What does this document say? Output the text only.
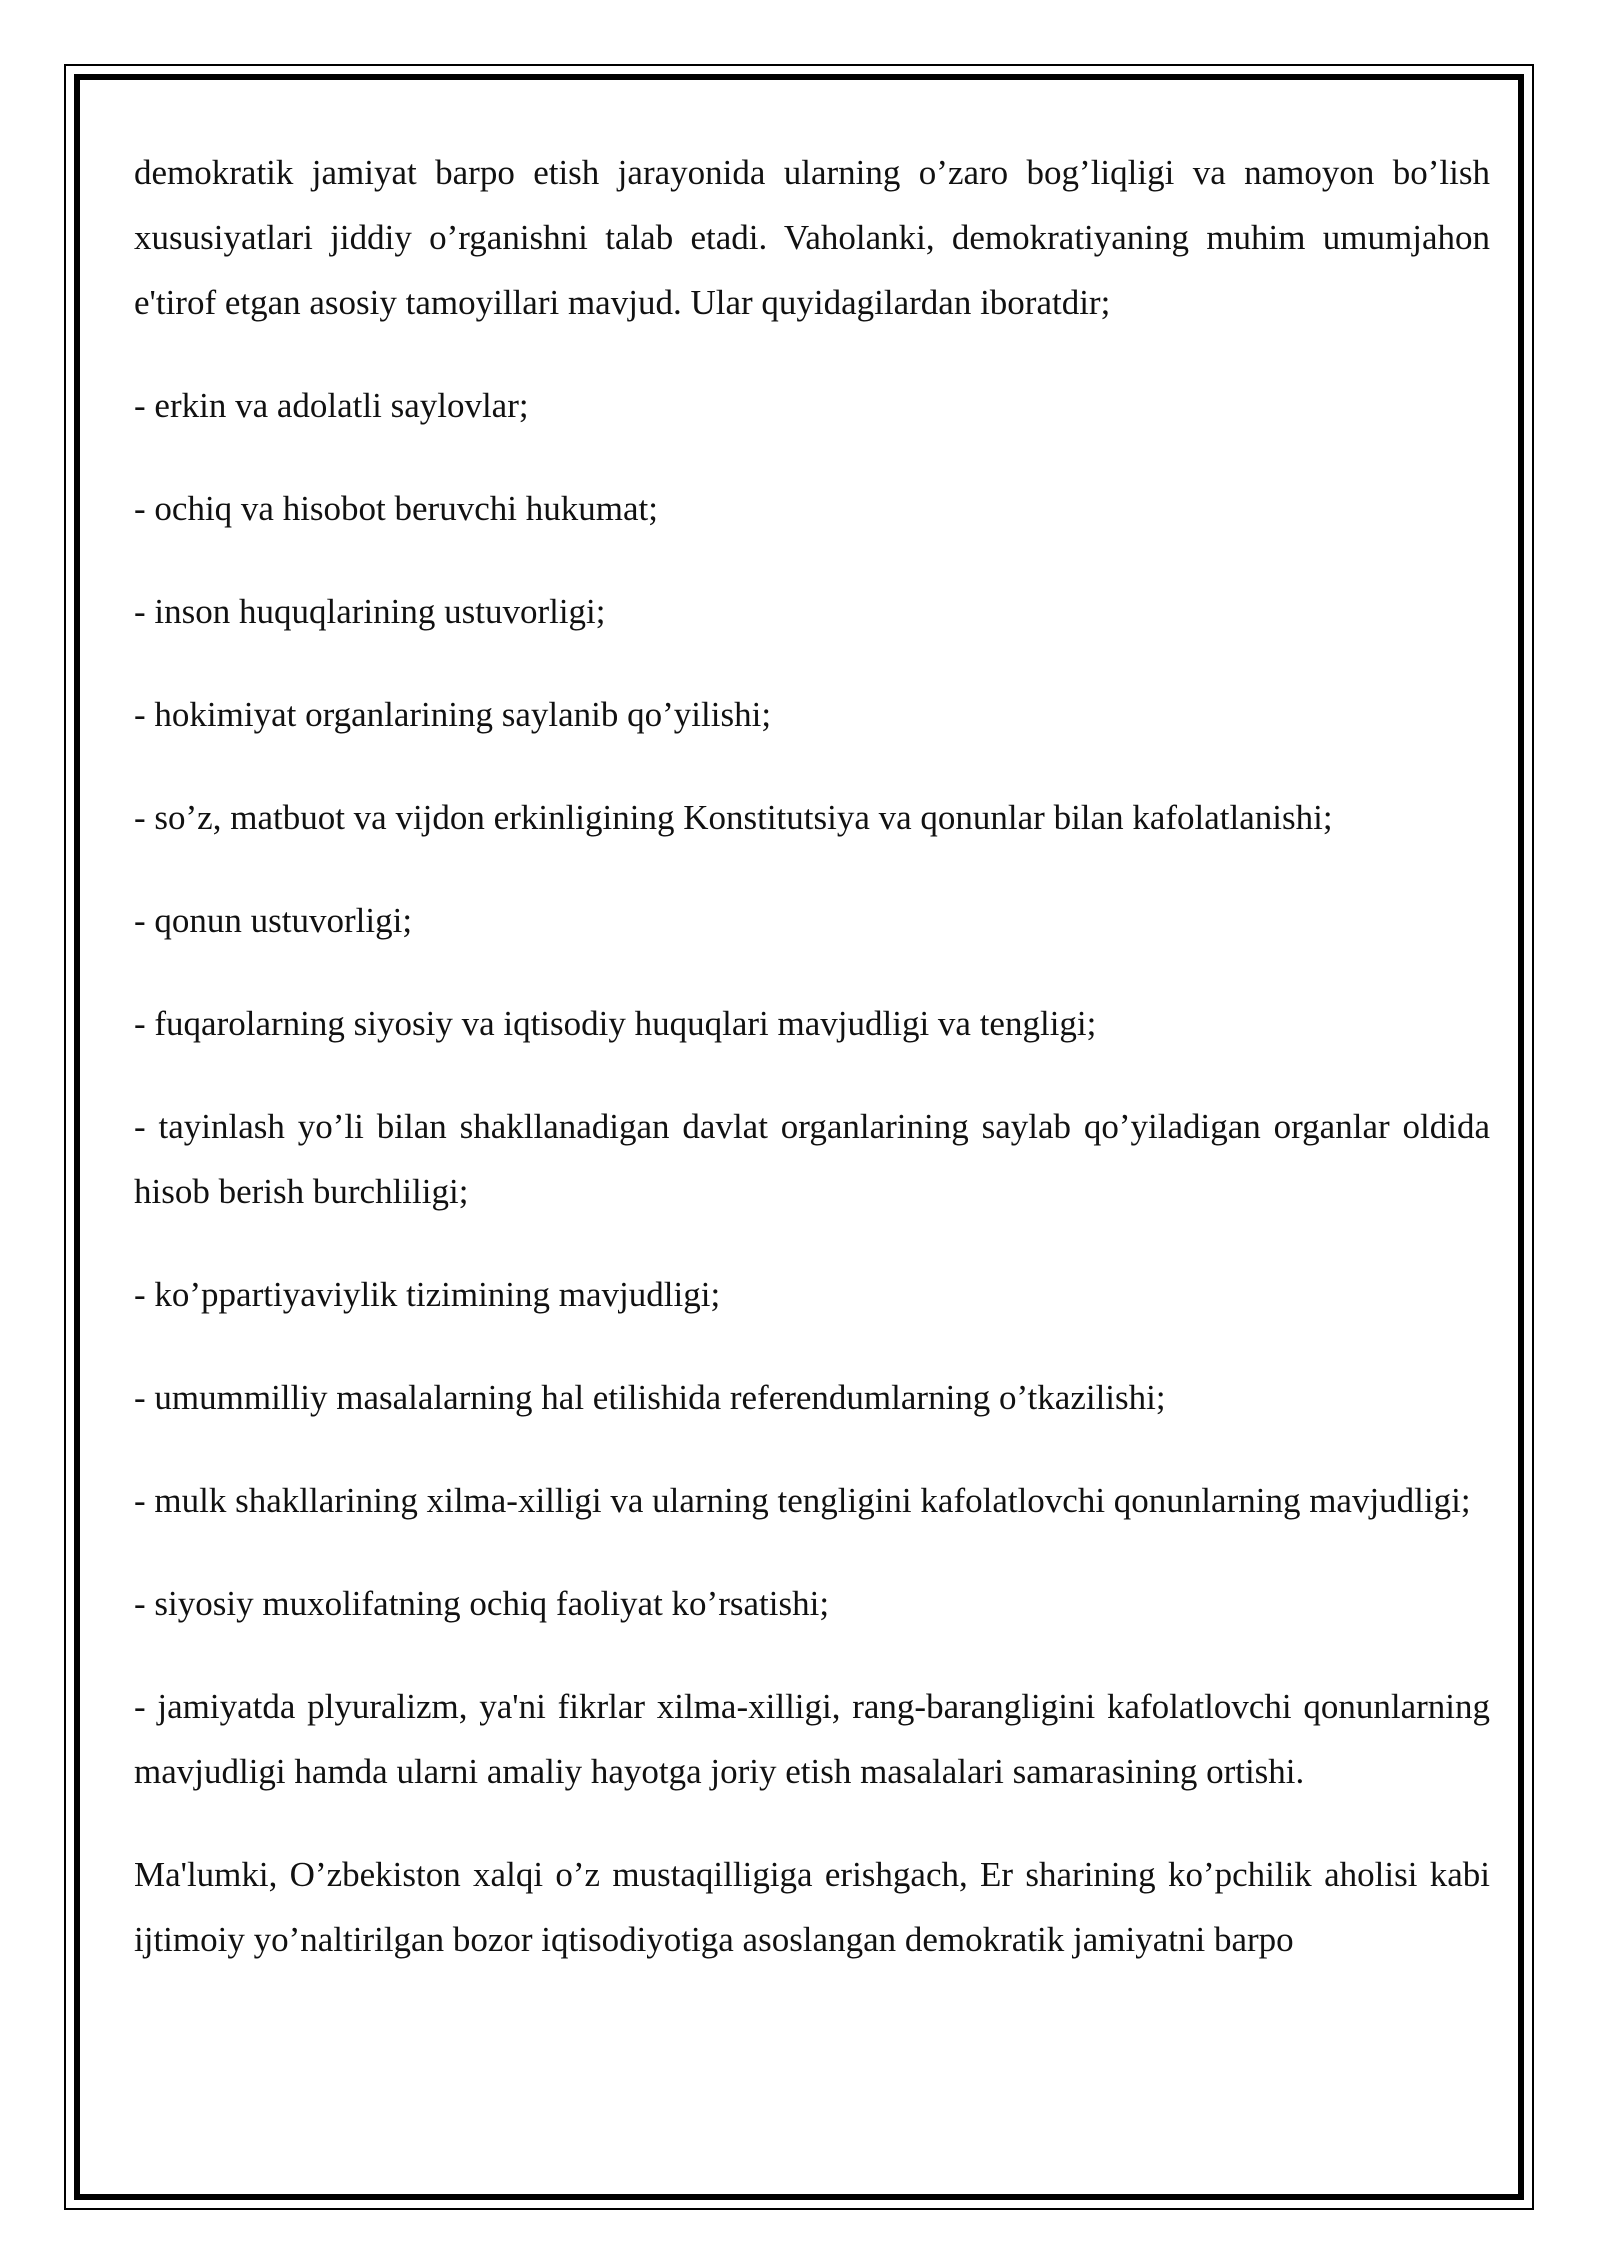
demokratik jamiyat barpo etish jarayonida ularning o’zaro bog’liqligi va namoyon bo’lish xususiyatlari jiddiy o’rganishni talab etadi. Vaholanki, demokratiyaning muhim umumjahon e'tirof etgan asosiy tamoyillari mavjud. Ular quyidagilardan iboratdir;

- erkin va adolatli saylovlar;

- ochiq va hisobot beruvchi hukumat;

- inson huquqlarining ustuvorligi;

- hokimiyat organlarining saylanib qo’yilishi;

- so’z, matbuot va vijdon erkinligining Konstitutsiya va qonunlar bilan kafolatlanishi;

- qonun ustuvorligi;

- fuqarolarning siyosiy va iqtisodiy huquqlari mavjudligi va tengligi;

- tayinlash yo’li bilan shakllanadigan davlat organlarining saylab qo’yiladigan organlar oldida hisob berish burchliligi;

- ko’ppartiyaviylik tizimining mavjudligi;

- umummilliy masalalarning hal etilishida referendumlarning o’tkazilishi;

- mulk shakllarining xilma-xilligi va ularning tengligini kafolatlovchi qonunlarning mavjudligi;

- siyosiy muxolifatning ochiq faoliyat ko’rsatishi;

- jamiyatda plyuralizm, ya'ni fikrlar xilma-xilligi, rang-barangligini kafolatlovchi qonunlarning mavjudligi hamda ularni amaliy hayotga joriy etish masalalari samarasining ortishi.

Ma'lumki, O’zbekiston xalqi o’z mustaqilligiga erishgach, Er sharining ko’pchilik aholisi kabi ijtimoiy yo’naltirilgan bozor iqtisodiyotiga asoslangan demokratik jamiyatni barpo
